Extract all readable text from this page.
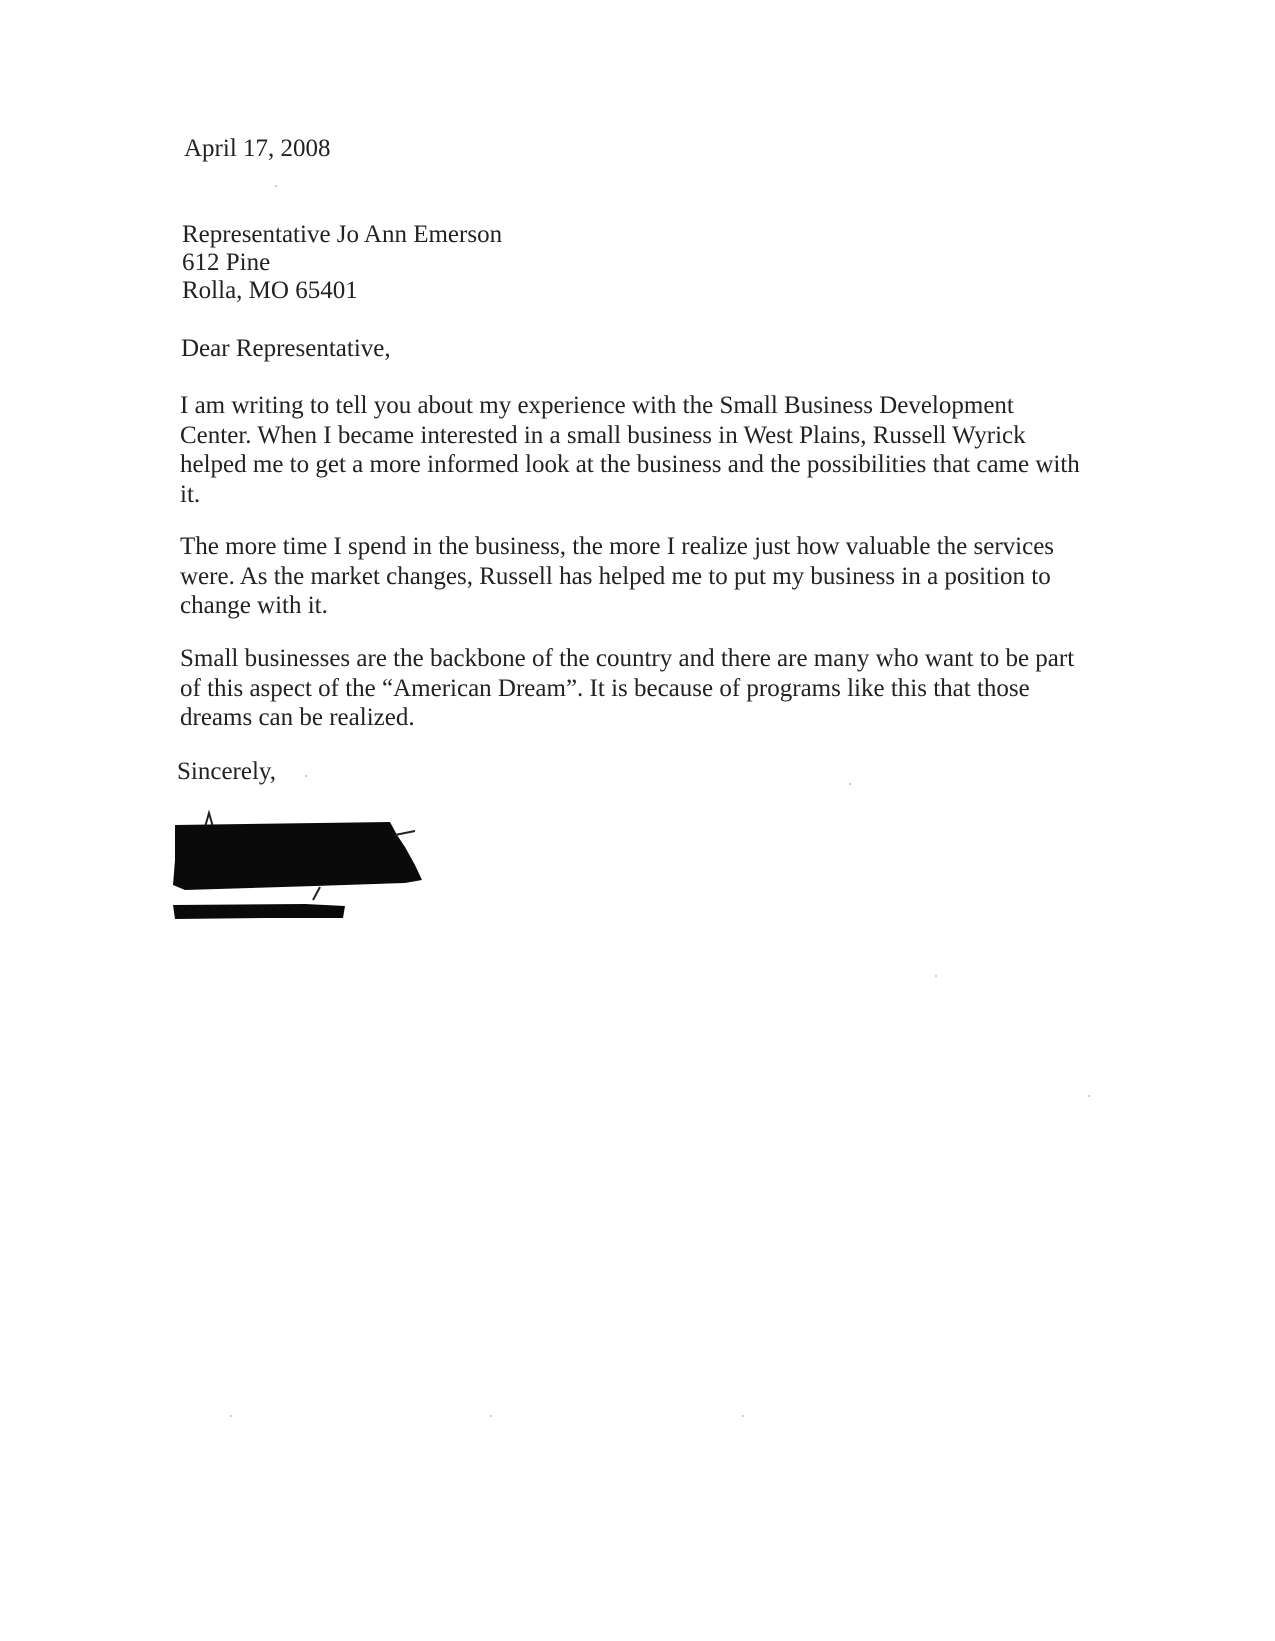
April 17, 2008
Representative Jo Ann Emerson
612 Pine
Rolla, MO 65401
Dear Representative,
I am writing to tell you about my experience with the Small Business Development
Center. When I became interested in a small business in West Plains, Russell Wyrick
helped me to get a more informed look at the business and the possibilities that came with
it.
The more time I spend in the business, the more I realize just how valuable the services
were. As the market changes, Russell has helped me to put my business in a position to
change with it.
Small businesses are the backbone of the country and there are many who want to be part
of this aspect of the “American Dream”. It is because of programs like this that those
dreams can be realized.
Sincerely,
